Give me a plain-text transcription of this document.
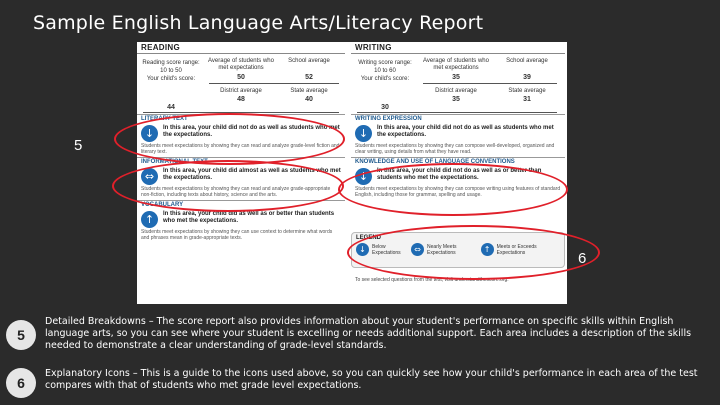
Sample English Language Arts/Literacy Report
READING
Reading score range:
10 to 50
Your child's score:
44
Average of students who met expectations
50
School average
52
District average
48
State average
40
LITERARY TEXT
↓	In this area, your child did not do as well as students who met the expectations.
Students meet expectations by showing they can read and analyze grade-level fiction and literary text.
INFORMATIONAL TEXT
⇔	In this area, your child did almost as well as students who met the expectations.
Students meet expectations by showing they can read and analyze grade-appropriate non-fiction, including texts about history, science and the arts.
VOCABULARY
↑	In this area, your child did as well as or better than students who met the expectations.
Students meet expectations by showing they can use context to determine what words and phrases mean in grade-appropriate texts.
WRITING
Writing score range:
10 to 60
Your child's score:
30
Average of students who met expectations
35
School average
39
District average
35
State average
31
WRITING EXPRESSION
↓	In this area, your child did not do as well as students who met the expectations.
Students meet expectations by showing they can compose well-developed, organized and clear writing, using details from what they have read.
KNOWLEDGE AND USE OF LANGUAGE CONVENTIONS
↓	In this area, your child did not do as well as or better than students who met the expectations.
Students meet expectations by showing they can compose writing using features of standard English, including those for grammar, spelling and usage.
LEGEND
↓	Below Expectations	⇔	Nearly Meets Expectations	↑	Meets or Exceeds Expectations
To see selected questions from the test, visit understandthescore.org.
5
6
5
Detailed Breakdowns – The score report also provides information about your student's performance on specific skills within English language arts, so you can see where your student is excelling or needs additional support. Each area includes a description of the skills needed to demonstrate a clear understanding of grade-level standards.
6
Explanatory Icons – This is a guide to the icons used above, so you can quickly see how your child's performance in each area of the test compares with that of students who met grade level expectations.
